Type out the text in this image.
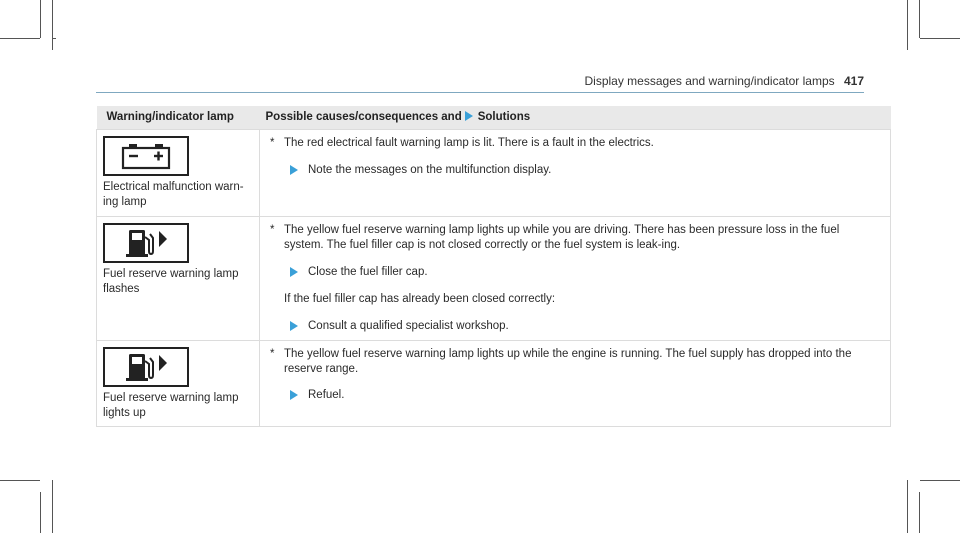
Display messages and warning/indicator lamps 417
Warning/indicator lamp	Possible causes/consequences and Solutions

Electrical malfunction warn-ing lamp	* The red electrical fault warning lamp is lit. There is a fault in the electrics.
Note the messages on the multifunction display.

Fuel reserve warning lamp flashes	* The yellow fuel reserve warning lamp lights up while you are driving. There has been pressure loss in the fuel system. The fuel filler cap is not closed correctly or the fuel system is leak-ing.
Close the fuel filler cap.
If the fuel filler cap has already been closed correctly:
Consult a qualified specialist workshop.

Fuel reserve warning lamp lights up	* The yellow fuel reserve warning lamp lights up while the engine is running. The fuel supply has dropped into the reserve range.
Refuel.
